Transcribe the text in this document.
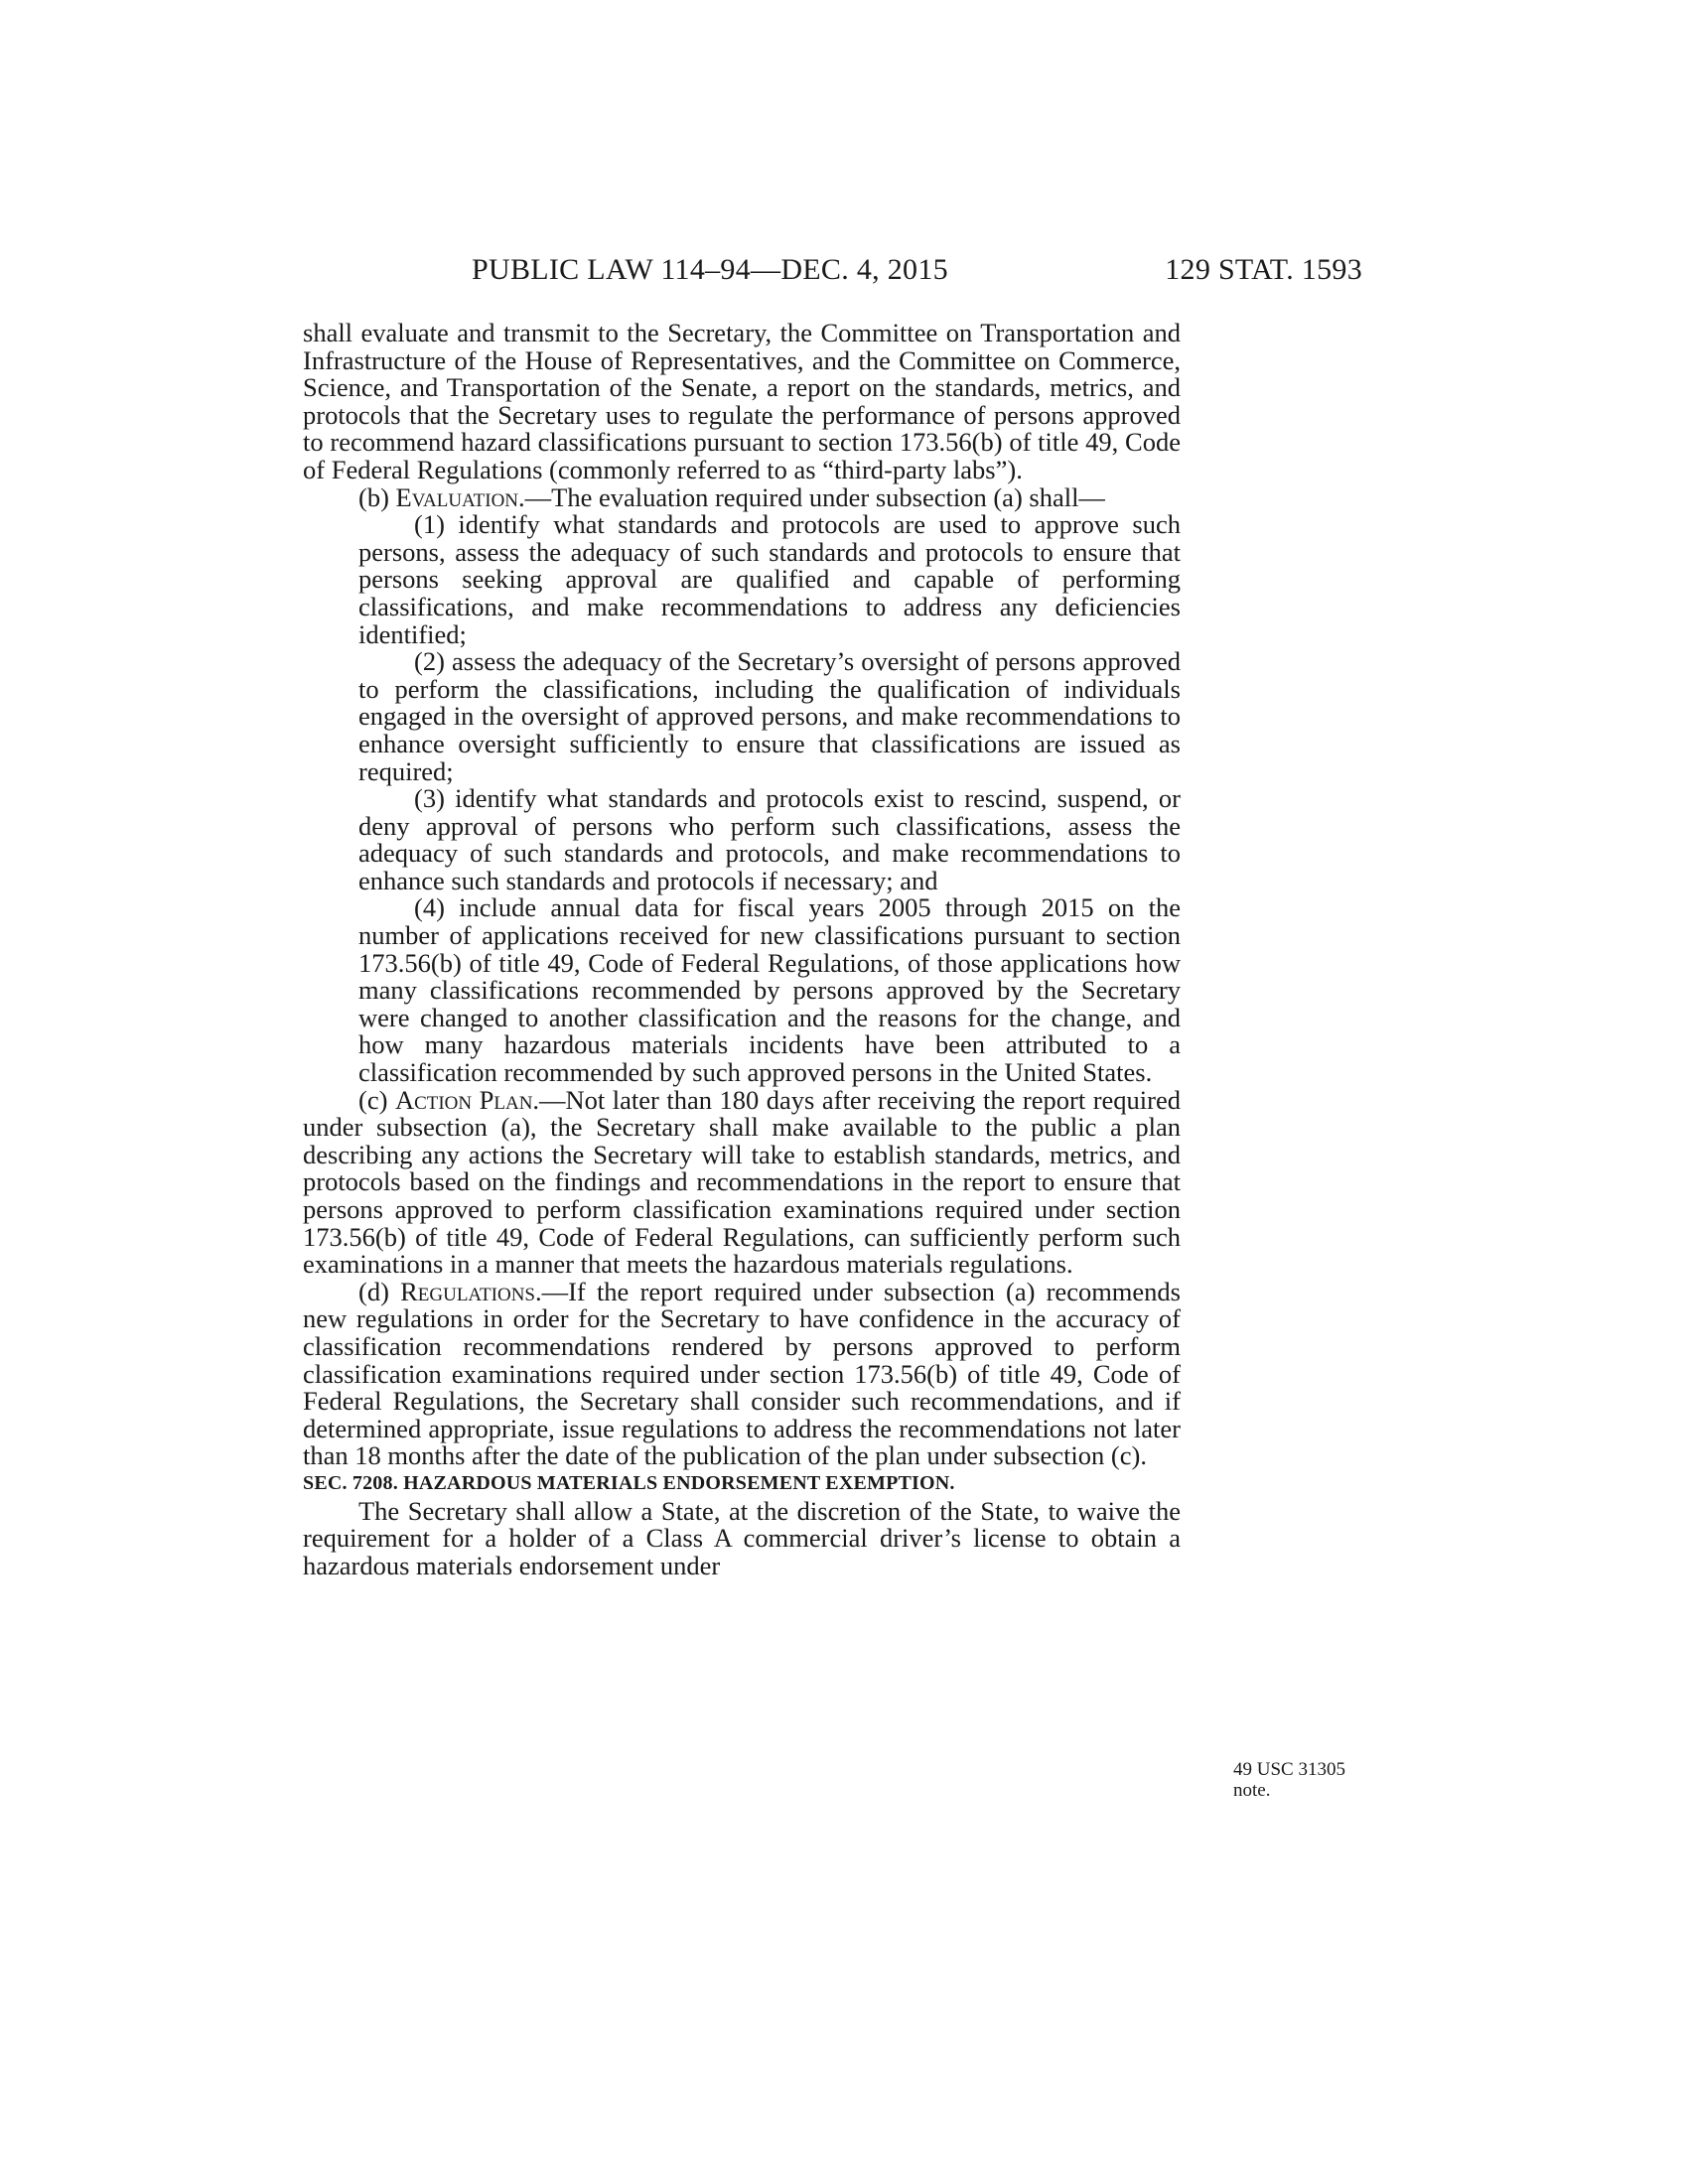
PUBLIC LAW 114–94—DEC. 4, 2015	129 STAT. 1593

shall evaluate and transmit to the Secretary, the Committee on Transportation and Infrastructure of the House of Representatives, and the Committee on Commerce, Science, and Transportation of the Senate, a report on the standards, metrics, and protocols that the Secretary uses to regulate the performance of persons approved to recommend hazard classifications pursuant to section 173.56(b) of title 49, Code of Federal Regulations (commonly referred to as “third-party labs”).

(b) Evaluation.—The evaluation required under subsection (a) shall—

(1) identify what standards and protocols are used to approve such persons, assess the adequacy of such standards and protocols to ensure that persons seeking approval are qualified and capable of performing classifications, and make recommendations to address any deficiencies identified;

(2) assess the adequacy of the Secretary’s oversight of persons approved to perform the classifications, including the qualification of individuals engaged in the oversight of approved persons, and make recommendations to enhance oversight sufficiently to ensure that classifications are issued as required;

(3) identify what standards and protocols exist to rescind, suspend, or deny approval of persons who perform such classifications, assess the adequacy of such standards and protocols, and make recommendations to enhance such standards and protocols if necessary; and

(4) include annual data for fiscal years 2005 through 2015 on the number of applications received for new classifications pursuant to section 173.56(b) of title 49, Code of Federal Regulations, of those applications how many classifications recommended by persons approved by the Secretary were changed to another classification and the reasons for the change, and how many hazardous materials incidents have been attributed to a classification recommended by such approved persons in the United States.

(c) Action Plan.—Not later than 180 days after receiving the report required under subsection (a), the Secretary shall make available to the public a plan describing any actions the Secretary will take to establish standards, metrics, and protocols based on the findings and recommendations in the report to ensure that persons approved to perform classification examinations required under section 173.56(b) of title 49, Code of Federal Regulations, can sufficiently perform such examinations in a manner that meets the hazardous materials regulations.

(d) Regulations.—If the report required under subsection (a) recommends new regulations in order for the Secretary to have confidence in the accuracy of classification recommendations rendered by persons approved to perform classification examinations required under section 173.56(b) of title 49, Code of Federal Regulations, the Secretary shall consider such recommendations, and if determined appropriate, issue regulations to address the recommendations not later than 18 months after the date of the publication of the plan under subsection (c).

SEC. 7208. HAZARDOUS MATERIALS ENDORSEMENT EXEMPTION.

The Secretary shall allow a State, at the discretion of the State, to waive the requirement for a holder of a Class A commercial driver’s license to obtain a hazardous materials endorsement under

49 USC 31305
note.
